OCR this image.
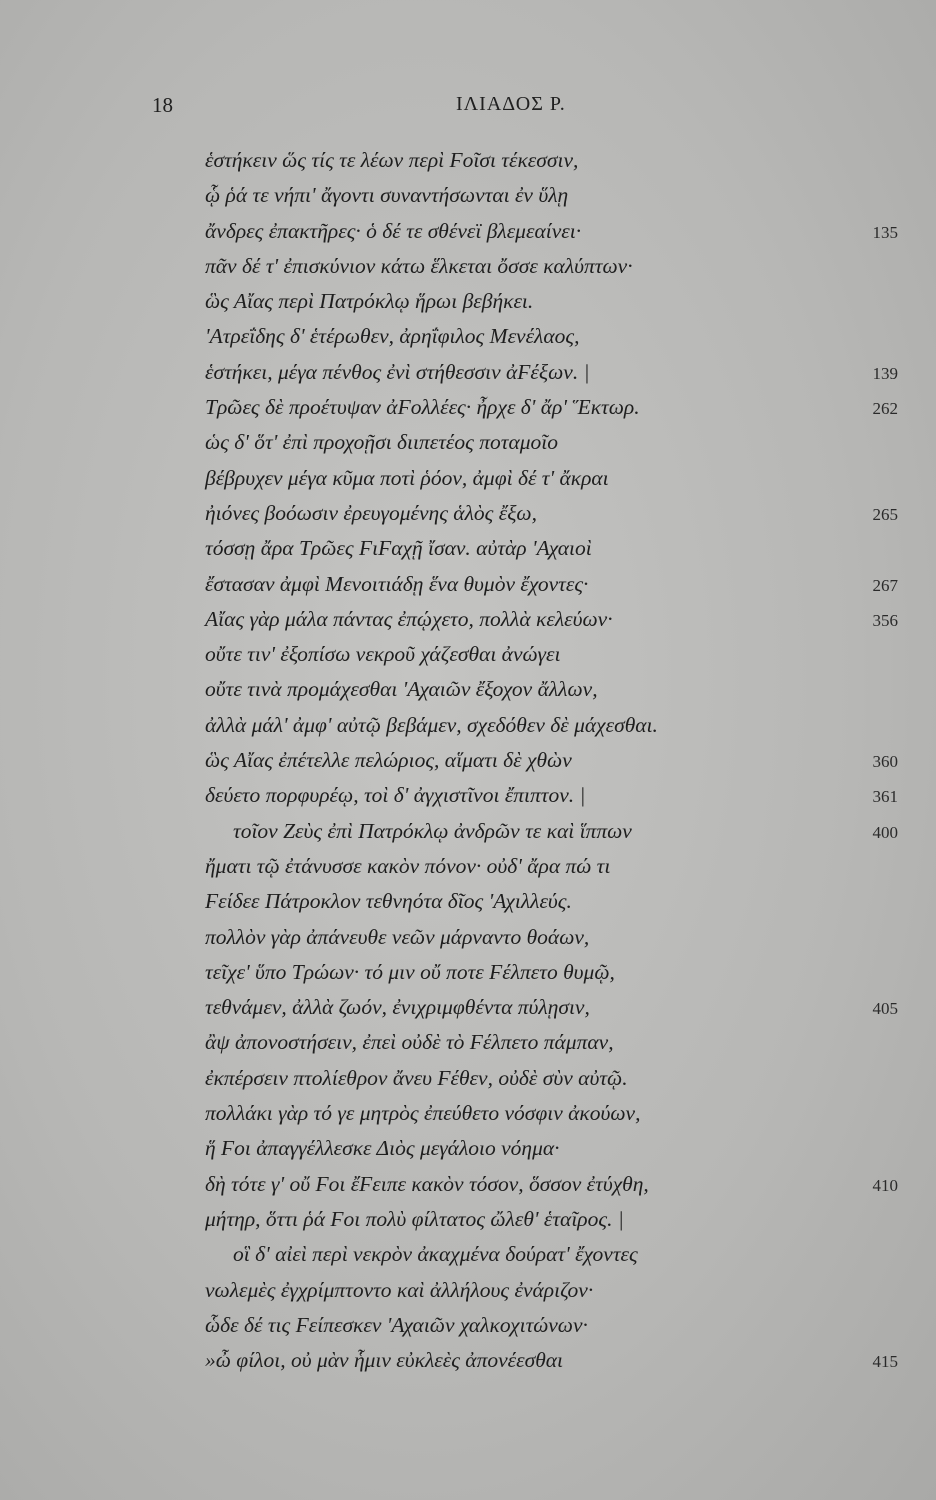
18	ΙΛΙΑΔΟΣ Ρ.
ἑστήκειν ὥς τίς τε λέων περὶ Ϝοῖσι τέκεσσιν,
ᾧ ῥά τε νήπι' ἄγοντι συναντήσωνται ἐν ὕλῃ
ἄνδρες ἐπακτῆρες· ὁ δέ τε σθένεϊ βλεμεαίνει·	135
πᾶν δέ τ' ἐπισκύνιον κάτω ἕλκεται ὄσσε καλύπτων·
ὣς Αἴας περὶ Πατρόκλῳ ἥρωι βεβήκει.
'Ατρεΐδης δ' ἑτέρωθεν, ἀρηΐφιλος Μενέλαος,
ἑστήκει, μέγα πένθος ἐνὶ στήθεσσιν ἀϜέξων. |	139
Τρῶες δὲ προέτυψαν ἀϜολλέες· ἦρχε δ' ἄρ' Ἕκτωρ.	262
ὡς δ' ὅτ' ἐπὶ προχοῇσι διιπετέος ποταμοῖο
βέβρυχεν μέγα κῦμα ποτὶ ῥόον, ἀμφὶ δέ τ' ἄκραι
ἠιόνες βοόωσιν ἐρευγομένης ἁλὸς ἔξω,	265
τόσσῃ ἄρα Τρῶες ϜιϜαχῇ ἴσαν. αὐτὰρ 'Αχαιοὶ
ἔστασαν ἀμφὶ Μενοιτιάδῃ ἕνα θυμὸν ἔχοντες·	267
Αἴας γὰρ μάλα πάντας ἐπῴχετο, πολλὰ κελεύων·	356
οὔτε τιν' ἐξοπίσω νεκροῦ χάζεσθαι ἀνώγει
οὔτε τινὰ προμάχεσθαι 'Αχαιῶν ἔξοχον ἄλλων,
ἀλλὰ μάλ' ἀμφ' αὐτῷ βεβάμεν, σχεδόθεν δὲ μάχεσθαι.
ὣς Αἴας ἐπέτελλε πελώριος, αἵματι δὲ χθὼν	360
δεύετο πορφυρέῳ, τοὶ δ' ἀγχιστῖνοι ἔπιπτον. |	361
τοῖον Ζεὺς ἐπὶ Πατρόκλῳ ἀνδρῶν τε καὶ ἵππων	400
ἤματι τῷ ἐτάνυσσε κακὸν πόνον· οὐδ' ἄρα πώ τι
Ϝείδεε Πάτροκλον τεθνηότα δῖος 'Αχιλλεύς.
πολλὸν γὰρ ἀπάνευθε νεῶν μάρναντο θοάων,
τεῖχε' ὕπο Τρώων· τό μιν οὔ ποτε Ϝέλπετο θυμῷ,
τεθνάμεν, ἀλλὰ ζωόν, ἐνιχριμφθέντα πύλῃσιν,	405
ἂψ ἀπονοστήσειν, ἐπεὶ οὐδὲ τὸ Ϝέλπετο πάμπαν,
ἐκπέρσειν πτολίεθρον ἄνευ Ϝέθεν, οὐδὲ σὺν αὐτῷ.
πολλάκι γὰρ τό γε μητρὸς ἐπεύθετο νόσφιν ἀκούων,
ἥ Ϝοι ἀπαγγέλλεσκε Διὸς μεγάλοιο νόημα·
δὴ τότε γ' οὔ Ϝοι ἔϜειπε κακὸν τόσον, ὅσσον ἐτύχθη,	410
μήτηρ, ὅττι ῥά Ϝοι πολὺ φίλτατος ὤλεθ' ἑταῖρος. |
οἳ δ' αἰεὶ περὶ νεκρὸν ἀκαχμένα δούρατ' ἔχοντες
νωλεμὲς ἐγχρίμπτοντο καὶ ἀλλήλους ἐνάριζον·
ὧδε δέ τις Ϝείπεσκεν 'Αχαιῶν χαλκοχιτώνων·
»ὦ φίλοι, οὐ μὰν ἧμιν εὐκλεὲς ἀπονέεσθαι	415
